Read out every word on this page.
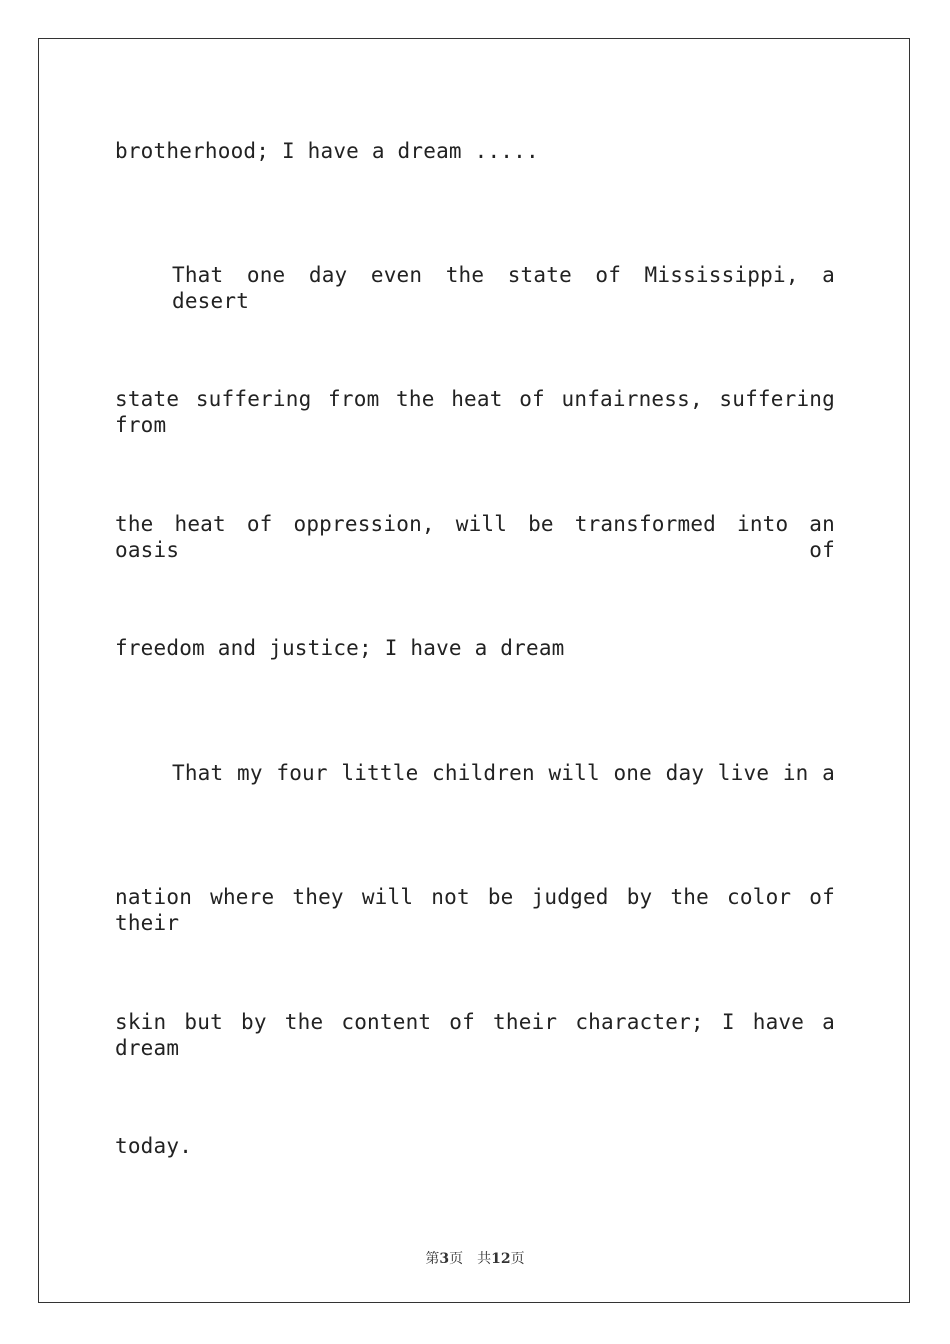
brotherhood; I have a dream .....
That one day even the state of Mississippi, a desert
state suffering from the heat of unfairness, suffering from
the heat of oppression, will be transformed into an oasis of
freedom and justice; I have a dream
That my four little children will one day live in a
nation where they will not be judged by the color of their
skin but by the content of their character; I have a dream
today.
第3页 共12页
